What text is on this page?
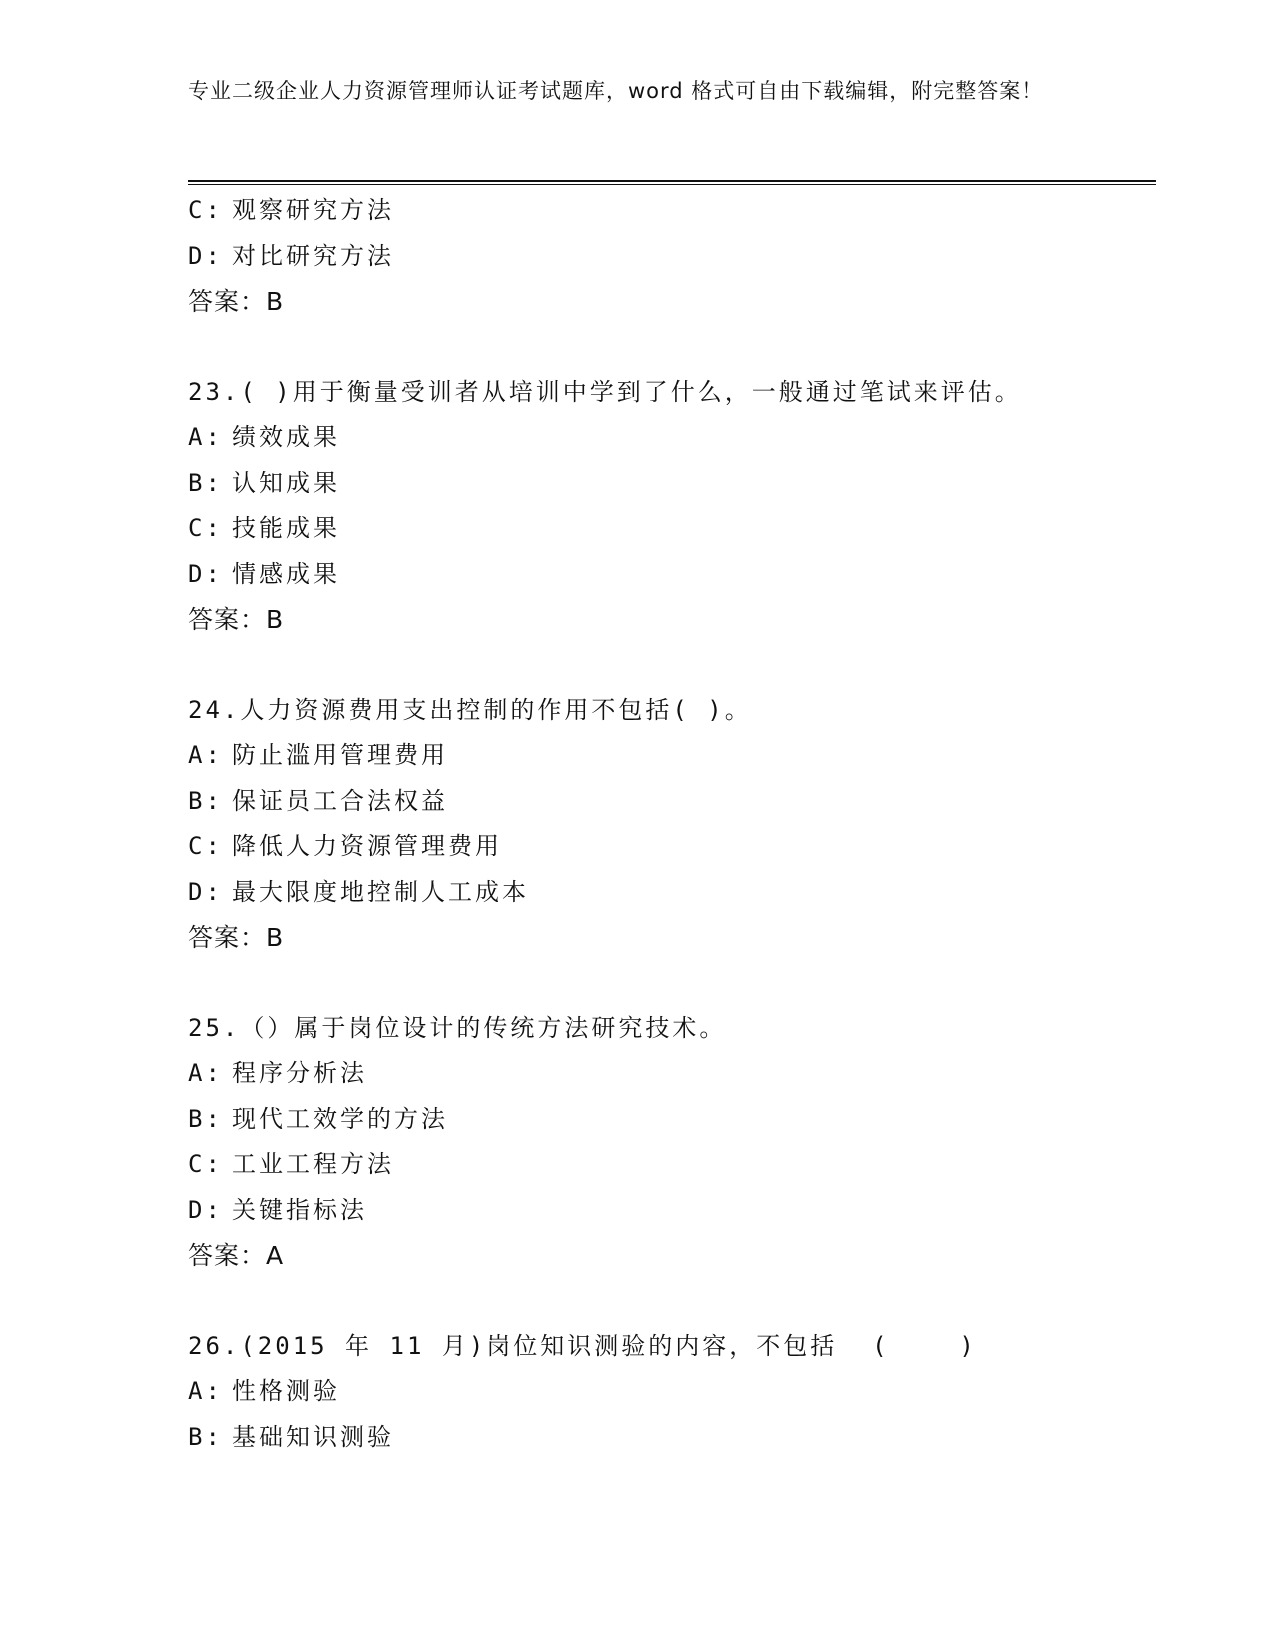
专业二级企业人力资源管理师认证考试题库，word 格式可自由下载编辑，附完整答案！
C: 观察研究方法
D: 对比研究方法
答案：B
23.( )用于衡量受训者从培训中学到了什么，一般通过笔试来评估。
A: 绩效成果
B: 认知成果
C: 技能成果
D: 情感成果
答案：B
24.人力资源费用支出控制的作用不包括( )。
A: 防止滥用管理费用
B: 保证员工合法权益
C: 降低人力资源管理费用
D: 最大限度地控制人工成本
答案：B
25.（）属于岗位设计的传统方法研究技术。
A: 程序分析法
B: 现代工效学的方法
C: 工业工程方法
D: 关键指标法
答案：A
26.(2015 年 11 月)岗位知识测验的内容，不包括  (    )
A: 性格测验
B: 基础知识测验
